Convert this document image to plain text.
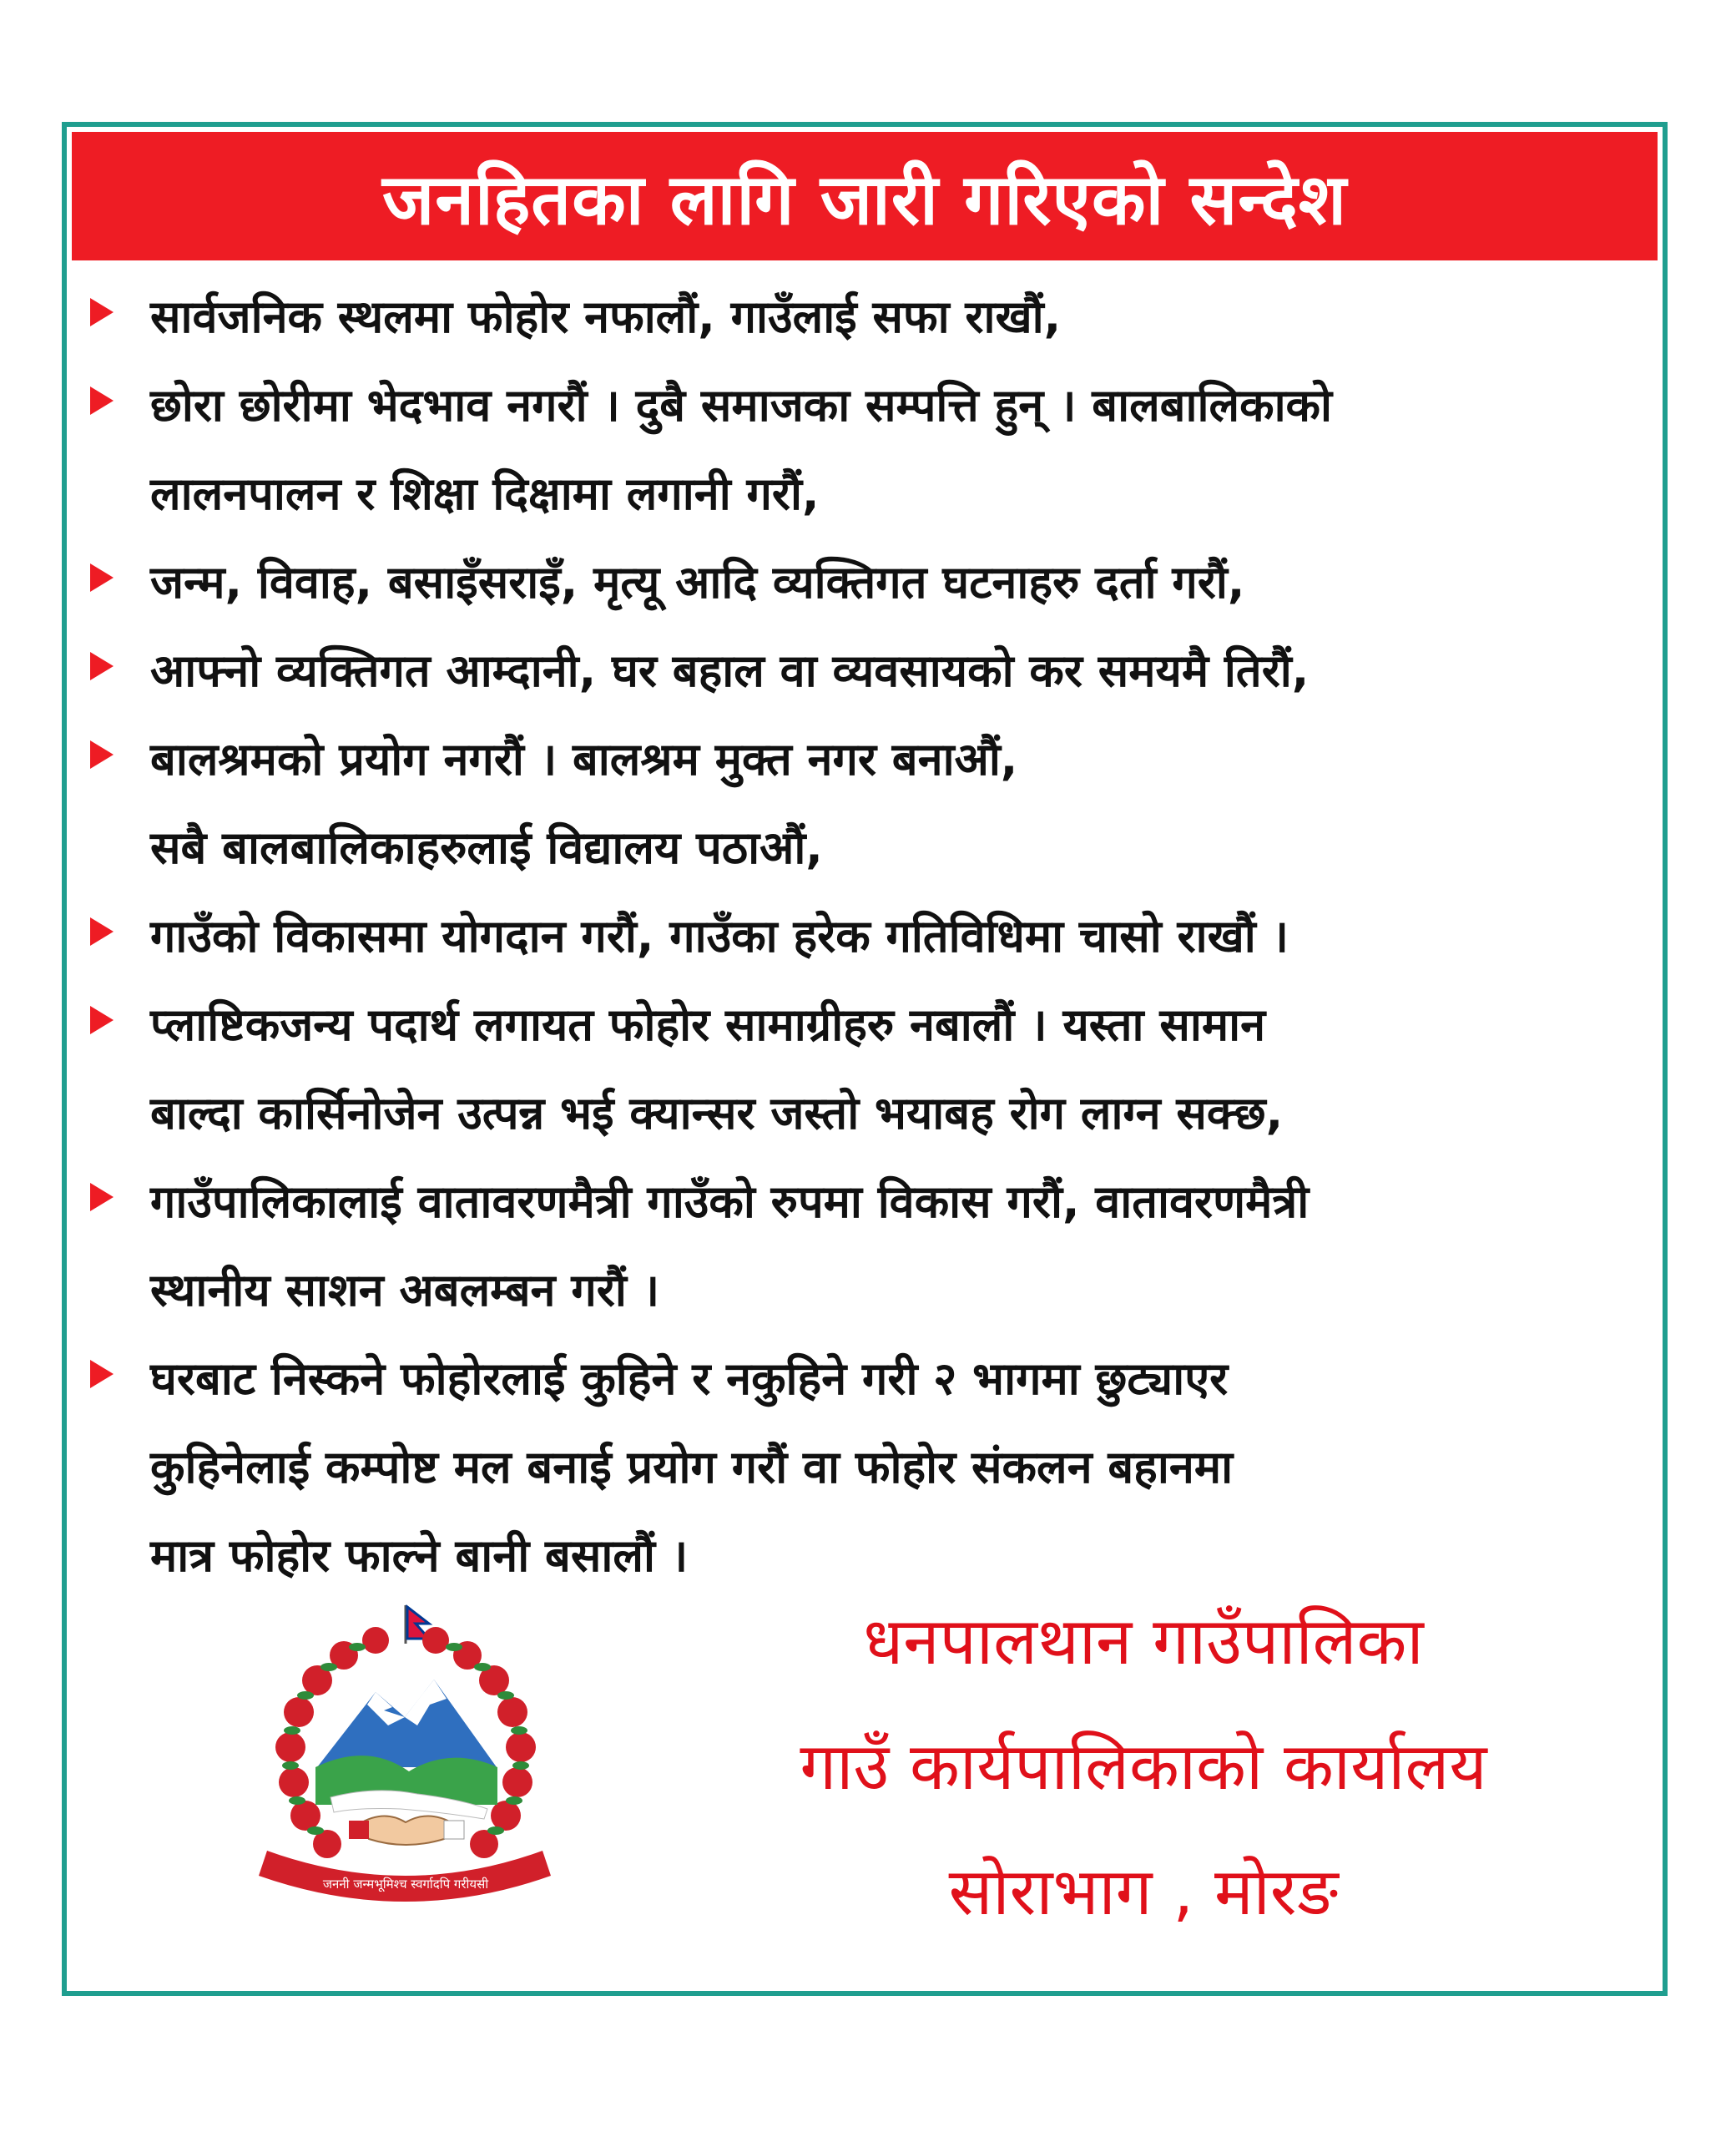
जनहितका लागि जारी गरिएको सन्देश
सार्वजनिक स्थलमा फोहोर नफालौं, गाउँलाई सफा राखौं,
छोरा छोरीमा भेदभाव नगरौं । दुबै समाजका सम्पत्ति हुन् । बालबालिकाको
लालनपालन र शिक्षा दिक्षामा लगानी गरौं,
जन्म, विवाह, बसाइँसराइँ, मृत्यू आदि व्यक्तिगत घटनाहरु दर्ता गरौं,
आफ्नो व्यक्तिगत आम्दानी, घर बहाल वा व्यवसायको कर समयमै तिरौं,
बालश्रमको प्रयोग नगरौं । बालश्रम मुक्त नगर बनाऔं,
सबै बालबालिकाहरुलाई विद्यालय पठाऔं,
गाउँको विकासमा योगदान गरौं, गाउँका हरेक गतिविधिमा चासो राखौं ।
प्लाष्टिकजन्य पदार्थ लगायत फोहोर सामाग्रीहरु नबालौं । यस्ता सामान
बाल्दा कार्सिनोजेन उत्पन्न भई क्यान्सर जस्तो भयाबह रोग लाग्न सक्छ,
गाउँपालिकालाई वातावरणमैत्री गाउँको रुपमा विकास गरौं, वातावरणमैत्री
स्थानीय साशन अबलम्बन गरौं ।
घरबाट निस्कने फोहोरलाई कुहिने र नकुहिने गरी २ भागमा छुट्याएर
कुहिनेलाई कम्पोष्ट मल बनाई प्रयोग गरौं वा फोहोर संकलन बहानमा
मात्र फोहोर फाल्ने बानी बसालौं ।
जननी जन्मभूमिश्च स्वर्गादपि गरीयसी
धनपालथान गाउँपालिका
गाउँ कार्यपालिकाको कार्यालय
सोराभाग , मोरङ
